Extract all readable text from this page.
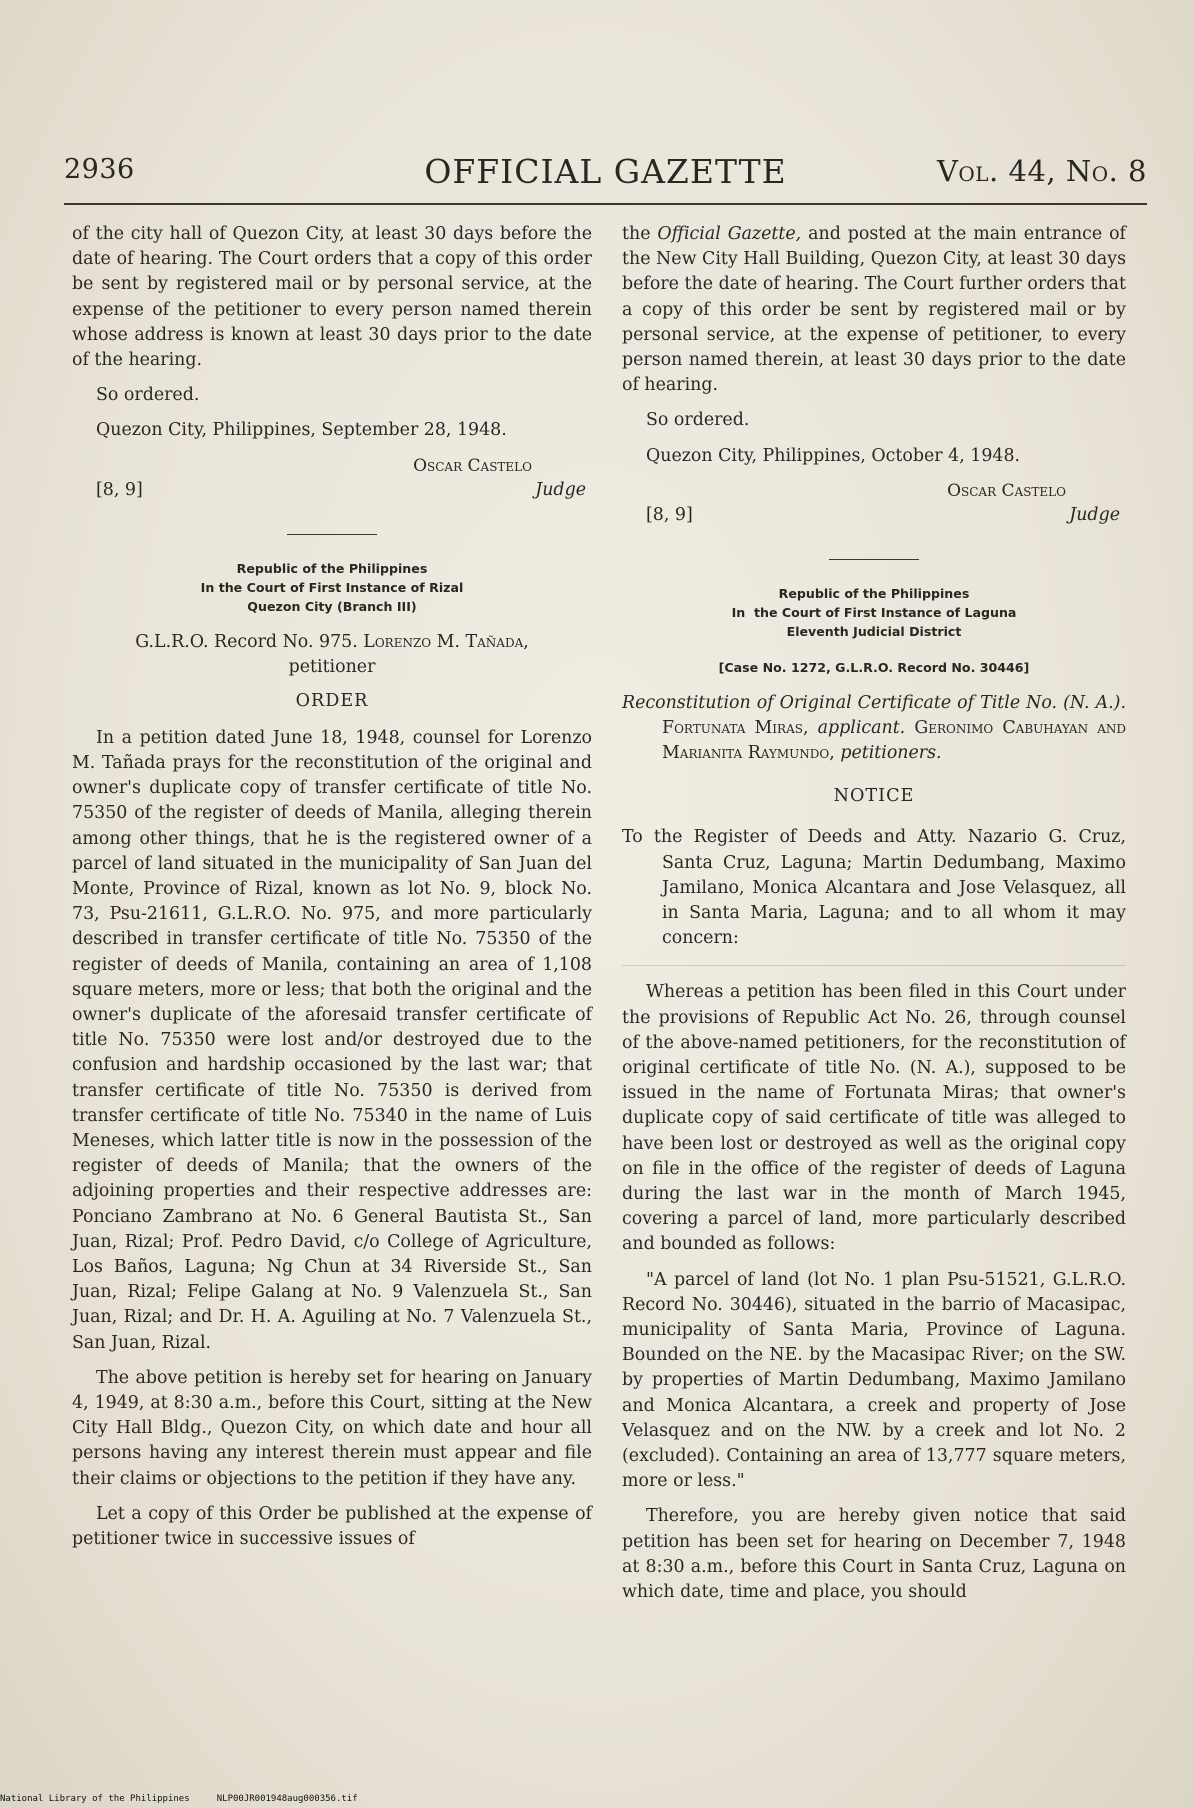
2936	OFFICIAL GAZETTE	Vol. 44, No. 8

of the city hall of Quezon City, at least 30 days before the date of hearing. The Court orders that a copy of this order be sent by registered mail or by personal service, at the expense of the petitioner to every person named therein whose address is known at least 30 days prior to the date of the hearing.

So ordered.

Quezon City, Philippines, September 28, 1948.

Oscar Castelo
[8, 9]	Judge
Republic of the Philippines
In the Court of First Instance of Rizal
Quezon City (Branch III)
G.L.R.O. Record No. 975. Lorenzo M. Tañada,
petitioner
ORDER

In a petition dated June 18, 1948, counsel for Lorenzo M. Tañada prays for the reconstitution of the original and owner's duplicate copy of transfer certificate of title No. 75350 of the register of deeds of Manila, alleging therein among other things, that he is the registered owner of a parcel of land situated in the municipality of San Juan del Monte, Province of Rizal, known as lot No. 9, block No. 73, Psu-21611, G.L.R.O. No. 975, and more particularly described in transfer certificate of title No. 75350 of the register of deeds of Manila, containing an area of 1,108 square meters, more or less; that both the original and the owner's duplicate of the aforesaid transfer certificate of title No. 75350 were lost and/or destroyed due to the confusion and hardship occasioned by the last war; that transfer certificate of title No. 75350 is derived from transfer certificate of title No. 75340 in the name of Luis Meneses, which latter title is now in the possession of the register of deeds of Manila; that the owners of the adjoining properties and their respective addresses are: Ponciano Zambrano at No. 6 General Bautista St., San Juan, Rizal; Prof. Pedro David, c/o College of Agriculture, Los Baños, Laguna; Ng Chun at 34 Riverside St., San Juan, Rizal; Felipe Galang at No. 9 Valenzuela St., San Juan, Rizal; and Dr. H. A. Aguiling at No. 7 Valenzuela St., San Juan, Rizal.

The above petition is hereby set for hearing on January 4, 1949, at 8:30 a.m., before this Court, sitting at the New City Hall Bldg., Quezon City, on which date and hour all persons having any interest therein must appear and file their claims or objections to the petition if they have any.

Let a copy of this Order be published at the expense of petitioner twice in successive issues of

the Official Gazette, and posted at the main entrance of the New City Hall Building, Quezon City, at least 30 days before the date of hearing. The Court further orders that a copy of this order be sent by registered mail or by personal service, at the expense of petitioner, to every person named therein, at least 30 days prior to the date of hearing.

So ordered.

Quezon City, Philippines, October 4, 1948.

Oscar Castelo
[8, 9]	Judge
Republic of the Philippines
In  the Court of First Instance of Laguna
Eleventh Judicial District
[Case No. 1272, G.L.R.O. Record No. 30446]

Reconstitution of Original Certificate of Title No. (N. A.). Fortunata Miras, applicant. Geronimo Cabuhayan and Marianita Raymundo, petitioners.

NOTICE

To the Register of Deeds and Atty. Nazario G. Cruz, Santa Cruz, Laguna; Martin Dedumbang, Maximo Jamilano, Monica Alcantara and Jose Velasquez, all in Santa Maria, Laguna; and to all whom it may concern:

Whereas a petition has been filed in this Court under the provisions of Republic Act No. 26, through counsel of the above-named petitioners, for the reconstitution of original certificate of title No. (N. A.), supposed to be issued in the name of Fortunata Miras; that owner's duplicate copy of said certificate of title was alleged to have been lost or destroyed as well as the original copy on file in the office of the register of deeds of Laguna during the last war in the month of March 1945, covering a parcel of land, more particularly described and bounded as follows:

"A parcel of land (lot No. 1 plan Psu-51521, G.L.R.O. Record No. 30446), situated in the barrio of Macasipac, municipality of Santa Maria, Province of Laguna. Bounded on the NE. by the Macasipac River; on the SW. by properties of Martin Dedumbang, Maximo Jamilano and Monica Alcantara, a creek and property of Jose Velasquez and on the NW. by a creek and lot No. 2 (excluded). Containing an area of 13,777 square meters, more or less."

Therefore, you are hereby given notice that said petition has been set for hearing on December 7, 1948 at 8:30 a.m., before this Court in Santa Cruz, Laguna on which date, time and place, you should

National Library of the Philippines     NLP00JR001948aug000356.tif
